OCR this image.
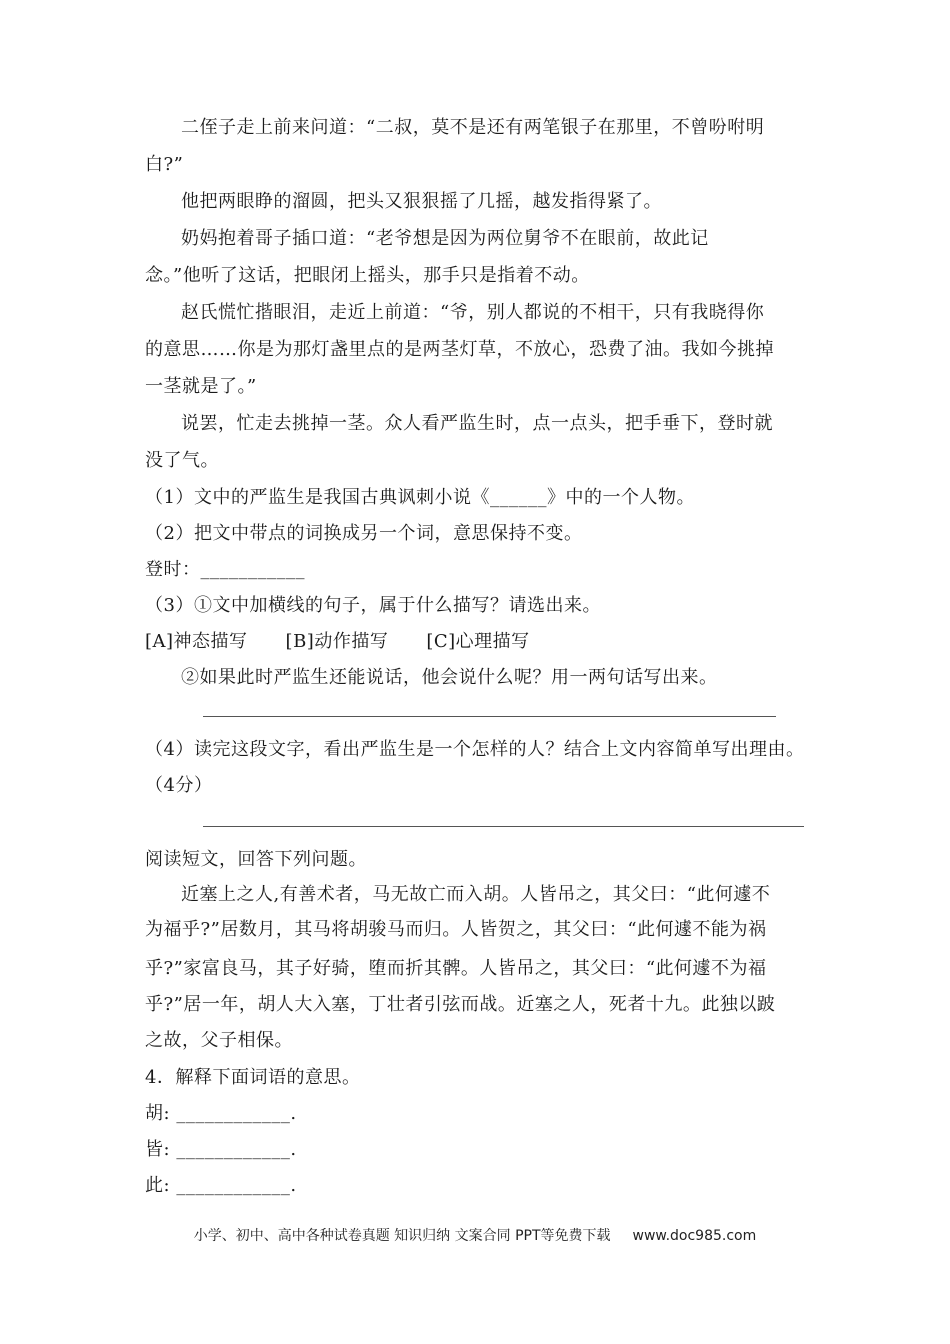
二侄子走上前来问道：“二叔，莫不是还有两笔银子在那里，不曾吩咐明
白?”
他把两眼睁的溜圆，把头又狠狠摇了几摇，越发指得紧了。
奶妈抱着哥子插口道：“老爷想是因为两位舅爷不在眼前，故此记
念。”他听了这话，把眼闭上摇头，那手只是指着不动。
赵氏慌忙揩眼泪，走近上前道：“爷，别人都说的不相干，只有我晓得你
的意思……你是为那灯盏里点的是两茎灯草，不放心，恐费了油。我如今挑掉
一茎就是了。”
说罢，忙走去挑掉一茎。众人看严监生时，点一点头，把手垂下，登时就
没了气。
（1）文中的严监生是我国古典讽刺小说《______》中的一个人物。
（2）把文中带点的词换成另一个词，意思保持不变。
登时：___________
（3）①文中加横线的句子，属于什么描写？请选出来。
[A]神态描写 [B]动作描写 [C]心理描写
②如果此时严监生还能说话，他会说什么呢？用一两句话写出来。
（4）读完这段文字，看出严监生是一个怎样的人？结合上文内容简单写出理由。
（4分）
阅读短文，回答下列问题。
近塞上之人,有善术者，马无故亡而入胡。人皆吊之，其父曰：“此何遽不
为福乎?”居数月，其马将胡骏马而归。人皆贺之，其父曰：“此何遽不能为祸
乎?”家富良马，其子好骑，堕而折其髀。人皆吊之，其父曰：“此何遽不为福
乎?”居一年，胡人大入塞，丁壮者引弦而战。近塞之人，死者十九。此独以跛
之故，父子相保。
4．解释下面词语的意思。
胡: ____________.
皆: ____________.
此: ____________.
小学、初中、高中各种试卷真题 知识归纳 文案合同 PPT等免费下载 www.doc985.com
